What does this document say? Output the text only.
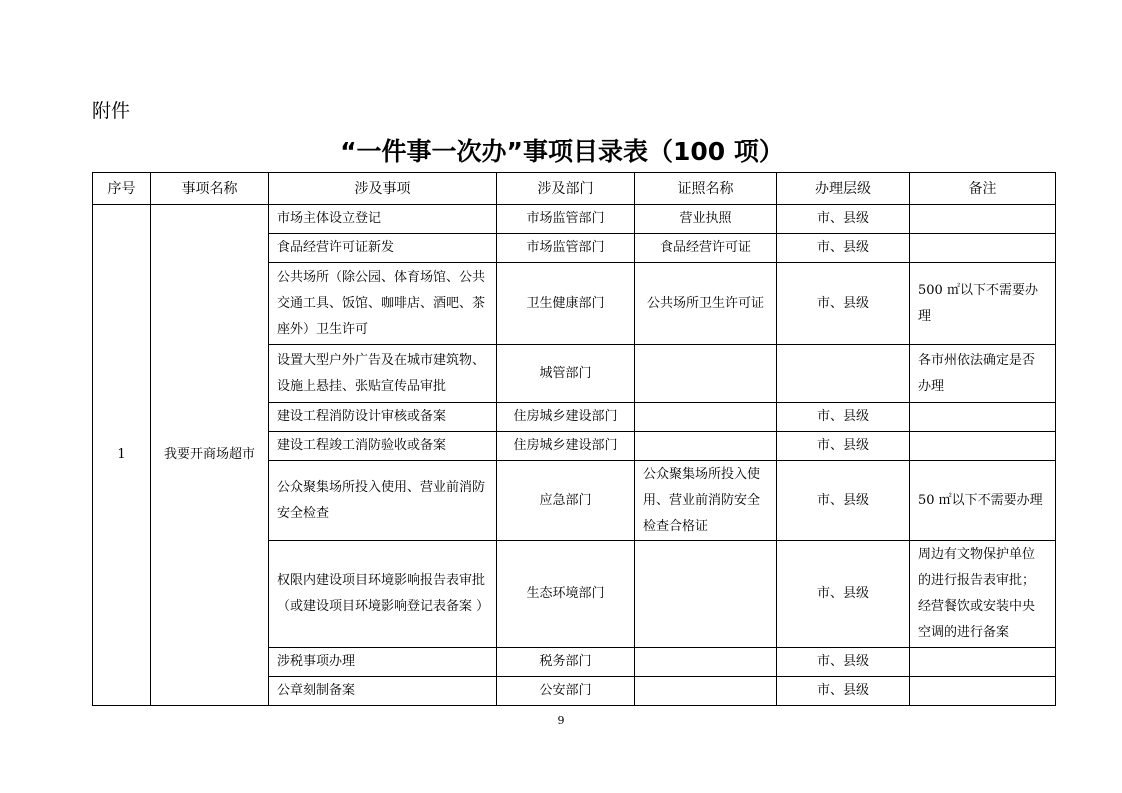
附件
“一件事一次办”事项目录表（100 项）
序号	事项名称	涉及事项	涉及部门	证照名称	办理层级	备注
1	我要开商场超市	市场主体设立登记	市场监管部门	营业执照	市、县级	
		食品经营许可证新发	市场监管部门	食品经营许可证	市、县级	
		公共场所（除公园、体育场馆、公共交通工具、饭馆、咖啡店、酒吧、茶座外）卫生许可	卫生健康部门	公共场所卫生许可证	市、县级	500 ㎡以下不需要办理
		设置大型户外广告及在城市建筑物、设施上悬挂、张贴宣传品审批	城管部门			各市州依法确定是否办理
		建设工程消防设计审核或备案	住房城乡建设部门		市、县级	
		建设工程竣工消防验收或备案	住房城乡建设部门		市、县级	
		公众聚集场所投入使用、营业前消防安全检查	应急部门	公众聚集场所投入使用、营业前消防安全检查合格证	市、县级	50 ㎡以下不需要办理
		权限内建设项目环境影响报告表审批（或建设项目环境影响登记表备案 ）	生态环境部门		市、县级	周边有文物保护单位的进行报告表审批；经营餐饮或安装中央空调的进行备案
		涉税事项办理	税务部门		市、县级	
		公章刻制备案	公安部门		市、县级	
9
